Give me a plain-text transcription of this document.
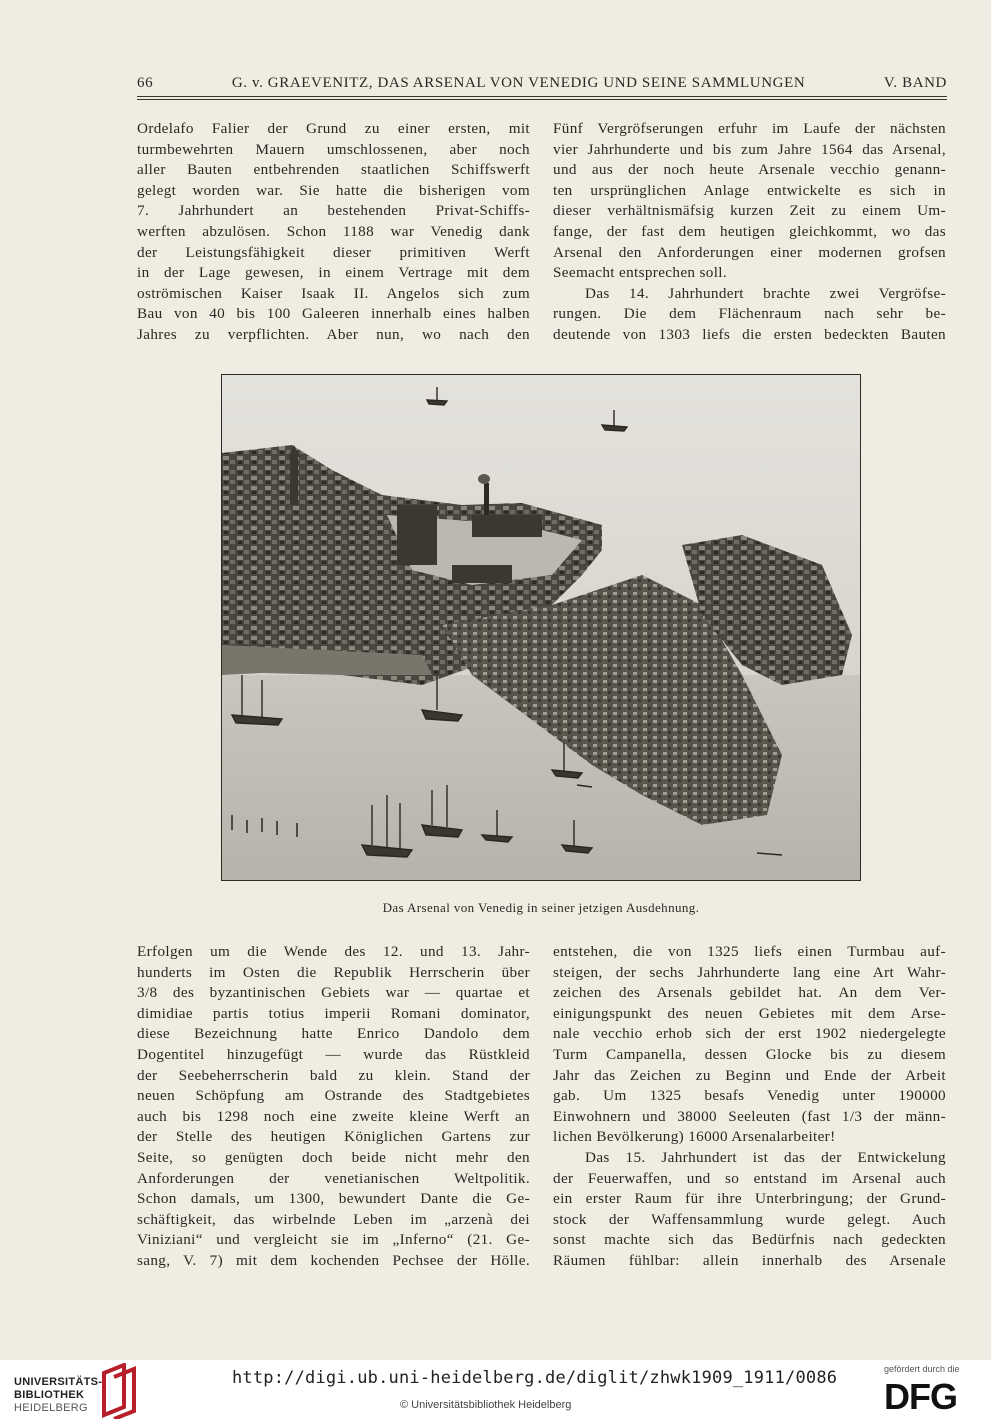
66	G. v. GRAEVENITZ, DAS ARSENAL VON VENEDIG UND SEINE SAMMLUNGEN	V. BAND
Ordelafo Falier der Grund zu einer ersten, mit
turmbewehrten Mauern umschlossenen, aber noch
aller Bauten entbehrenden staatlichen Schiffswerft
gelegt worden war. Sie hatte die bisherigen vom
7. Jahrhundert an bestehenden Privat-Schiffs-
werften abzulösen. Schon 1188 war Venedig dank
der Leistungsfähigkeit dieser primitiven Werft
in der Lage gewesen, in einem Vertrage mit dem
oströmischen Kaiser Isaak II. Angelos sich zum
Bau von 40 bis 100 Galeeren innerhalb eines halben
Jahres zu verpflichten. Aber nun, wo nach den
Fünf Vergröfserungen erfuhr im Laufe der nächsten
vier Jahrhunderte und bis zum Jahre 1564 das Arsenal,
und aus der noch heute Arsenale vecchio genann-
ten ursprünglichen Anlage entwickelte es sich in
dieser verhältnismäfsig kurzen Zeit zu einem Um-
fange, der fast dem heutigen gleichkommt, wo das
Arsenal den Anforderungen einer modernen grofsen
Seemacht entsprechen soll.
Das 14. Jahrhundert brachte zwei Vergröfse-
rungen. Die dem Flächenraum nach sehr be-
deutende von 1303 liefs die ersten bedeckten Bauten
Das Arsenal von Venedig in seiner jetzigen Ausdehnung.
Erfolgen um die Wende des 12. und 13. Jahr-
hunderts im Osten die Republik Herrscherin über
3/8 des byzantinischen Gebiets war — quartae et
dimidiae partis totius imperii Romani dominator,
diese Bezeichnung hatte Enrico Dandolo dem
Dogentitel hinzugefügt — wurde das Rüstkleid
der Seebeherrscherin bald zu klein. Stand der
neuen Schöpfung am Ostrande des Stadtgebietes
auch bis 1298 noch eine zweite kleine Werft an
der Stelle des heutigen Königlichen Gartens zur
Seite, so genügten doch beide nicht mehr den
Anforderungen der venetianischen Weltpolitik.
Schon damals, um 1300, bewundert Dante die Ge-
schäftigkeit, das wirbelnde Leben im „arzenà dei
Viniziani“ und vergleicht sie im „Inferno“ (21. Ge-
sang, V. 7) mit dem kochenden Pechsee der Hölle.
entstehen, die von 1325 liefs einen Turmbau auf-
steigen, der sechs Jahrhunderte lang eine Art Wahr-
zeichen des Arsenals gebildet hat. An dem Ver-
einigungspunkt des neuen Gebietes mit dem Arse-
nale vecchio erhob sich der erst 1902 niedergelegte
Turm Campanella, dessen Glocke bis zu diesem
Jahr das Zeichen zu Beginn und Ende der Arbeit
gab. Um 1325 besafs Venedig unter 190000
Einwohnern und 38000 Seeleuten (fast 1/3 der männ-
lichen Bevölkerung) 16000 Arsenalarbeiter!
Das 15. Jahrhundert ist das der Entwickelung
der Feuerwaffen, und so entstand im Arsenal auch
ein erster Raum für ihre Unterbringung; der Grund-
stock der Waffensammlung wurde gelegt. Auch
sonst machte sich das Bedürfnis nach gedeckten
Räumen fühlbar: allein innerhalb des Arsenale
UNIVERSITÄTS-
BIBLIOTHEK
HEIDELBERG
http://digi.ub.uni-heidelberg.de/diglit/zhwk1909_1911/0086
© Universitätsbibliothek Heidelberg
gefördert durch die
DFG
